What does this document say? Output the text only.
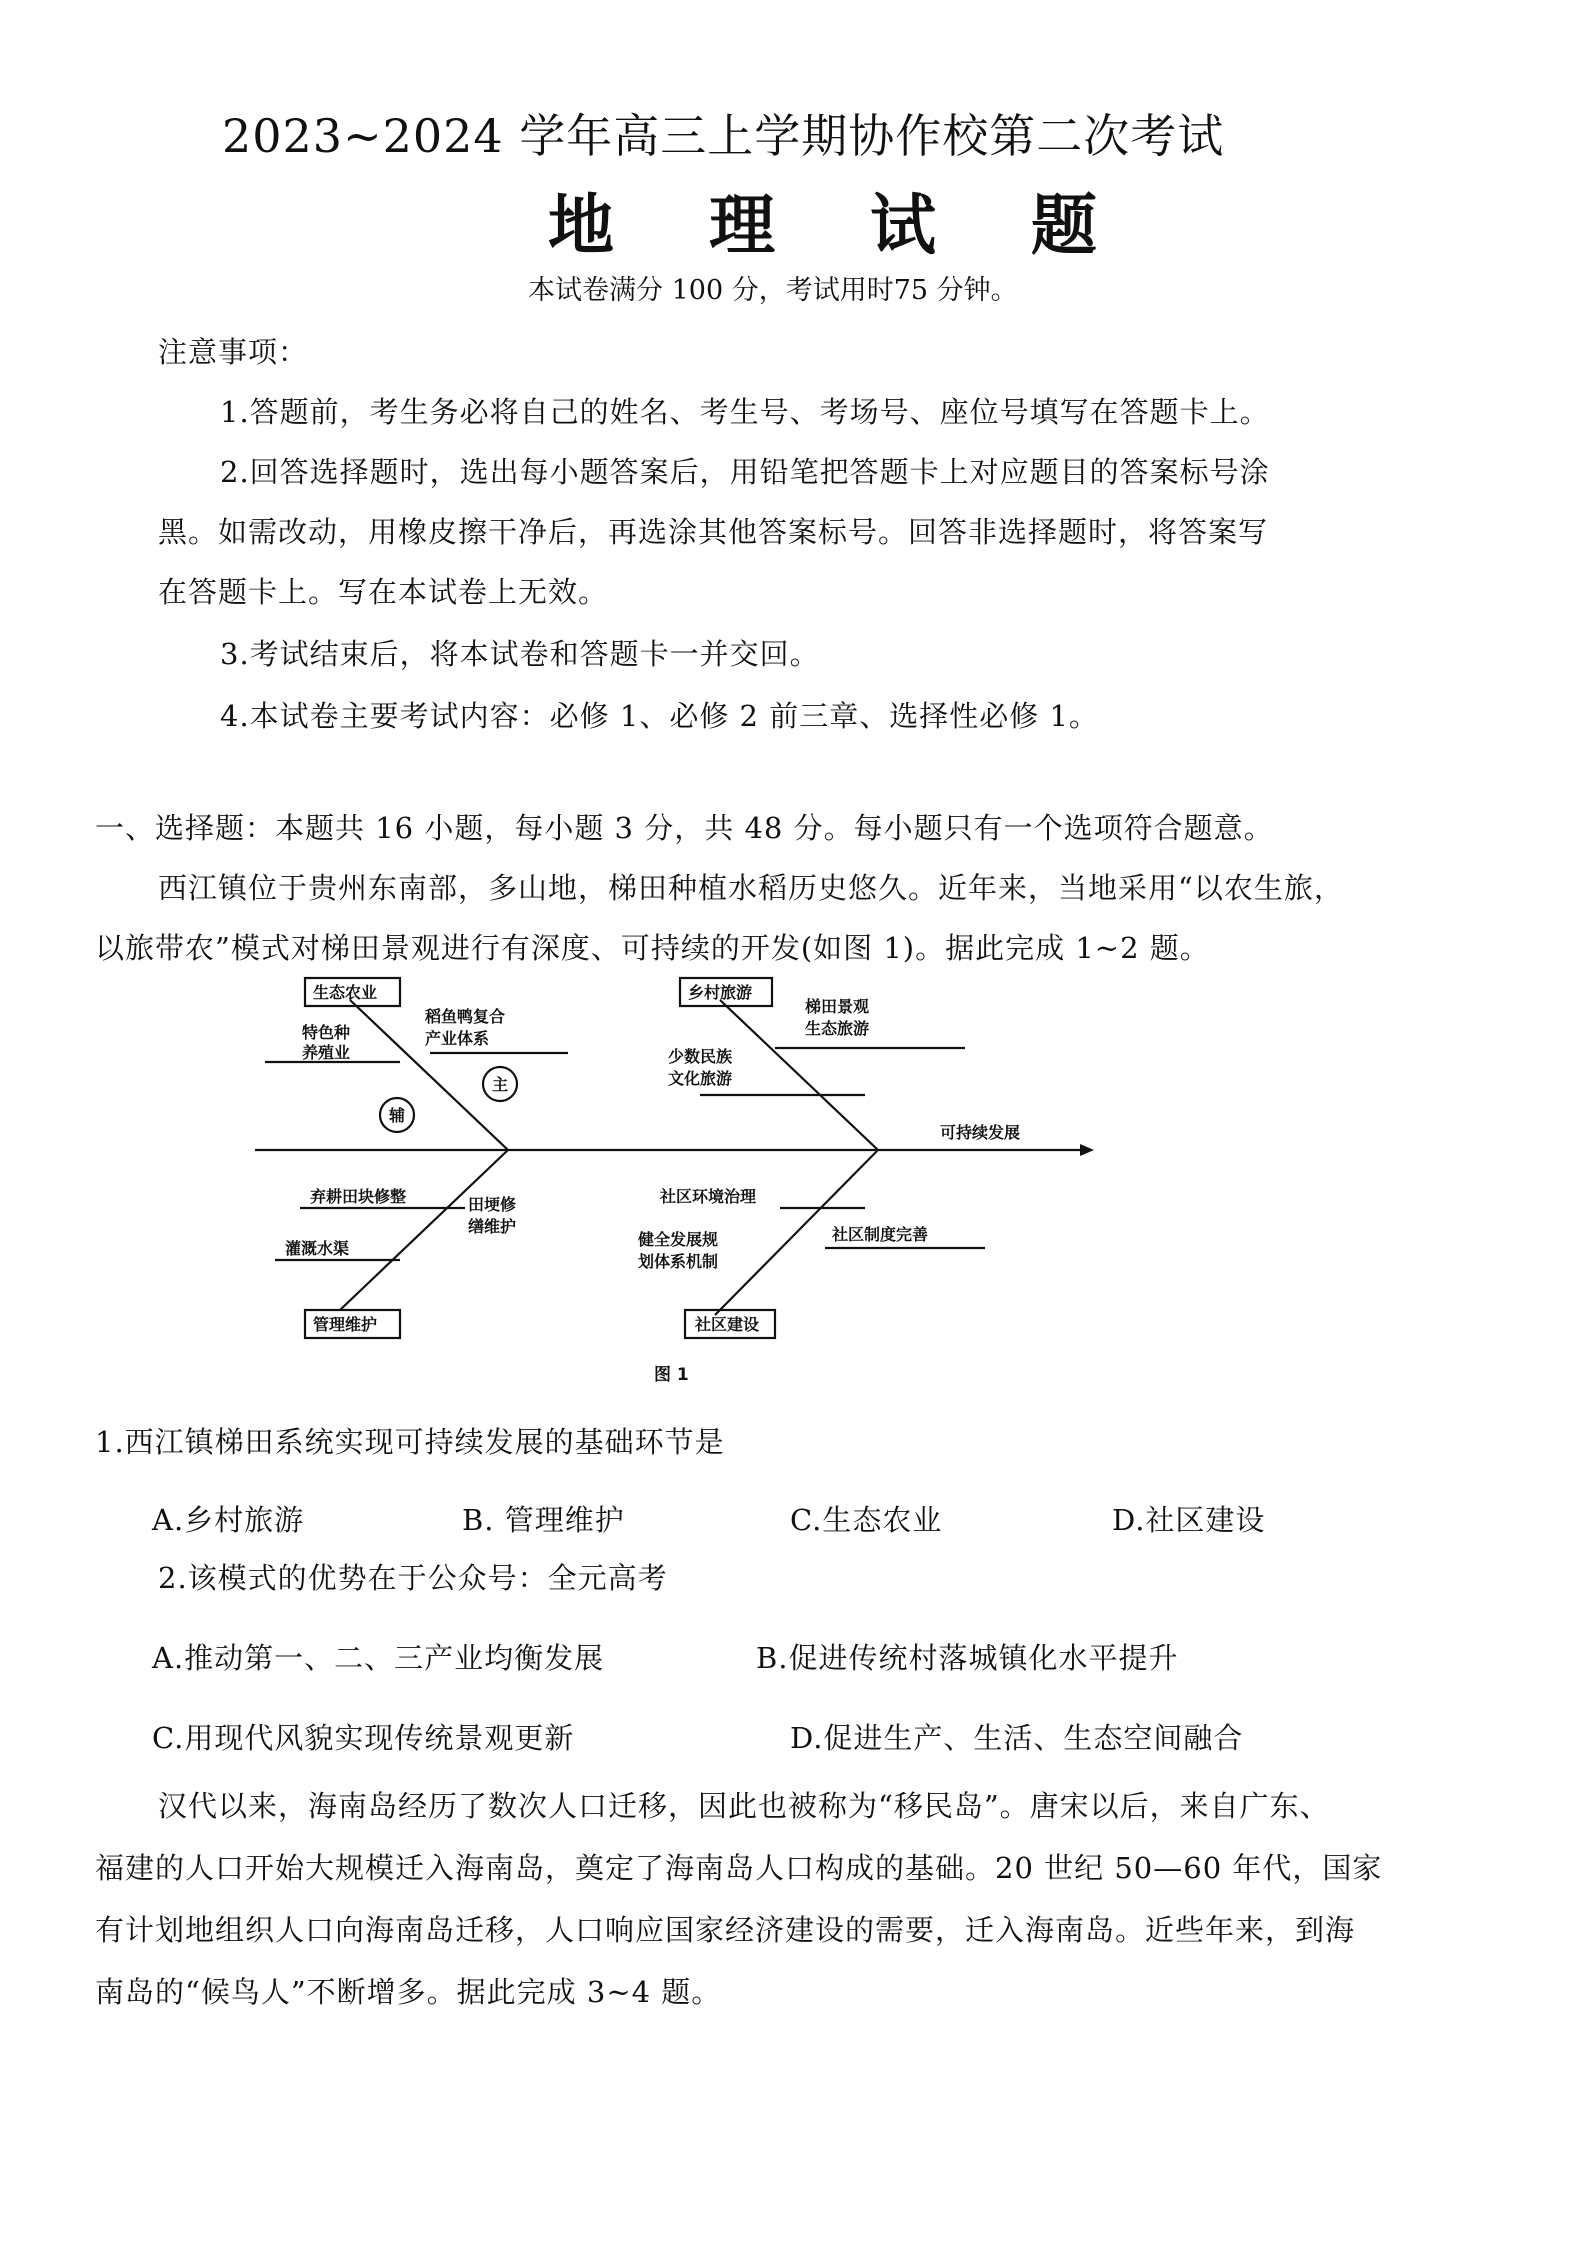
2023~2024 学年高三上学期协作校第二次考试
地 理 试 题
本试卷满分 100 分，考试用时75 分钟。
注意事项：
1.答题前，考生务必将自己的姓名、考生号、考场号、座位号填写在答题卡上。
2.回答选择题时，选出每小题答案后，用铅笔把答题卡上对应题目的答案标号涂
黑。如需改动，用橡皮擦干净后，再选涂其他答案标号。回答非选择题时，将答案写
在答题卡上。写在本试卷上无效。
3.考试结束后，将本试卷和答题卡一并交回。
4.本试卷主要考试内容：必修 1、必修 2 前三章、选择性必修 1。
一、选择题：本题共 16 小题，每小题 3 分，共 48 分。每小题只有一个选项符合题意。
西江镇位于贵州东南部，多山地，梯田种植水稻历史悠久。近年来，当地采用“以农生旅，
以旅带农”模式对梯田景观进行有深度、可持续的开发(如图 1)。据此完成 1~2 题。
生态农业
特色种
养殖业
稻鱼鸭复合
产业体系
主
辅
乡村旅游
梯田景观
生态旅游
少数民族
文化旅游
可持续发展
弃耕田块修整	田埂修
缮维护
灌溉水渠
管理维护
社区环境治理
健全发展规
划体系机制
社区制度完善
社区建设
图 1
1.西江镇梯田系统实现可持续发展的基础环节是
A.乡村旅游	B. 管理维护	C.生态农业	D.社区建设
2.该模式的优势在于公众号：全元高考
A.推动第一、二、三产业均衡发展	B.促进传统村落城镇化水平提升
C.用现代风貌实现传统景观更新	D.促进生产、生活、生态空间融合
汉代以来，海南岛经历了数次人口迁移，因此也被称为“移民岛”。唐宋以后，来自广东、
福建的人口开始大规模迁入海南岛，奠定了海南岛人口构成的基础。20 世纪 50—60 年代，国家
有计划地组织人口向海南岛迁移，人口响应国家经济建设的需要，迁入海南岛。近些年来，到海
南岛的“候鸟人”不断增多。据此完成 3~4 题。
